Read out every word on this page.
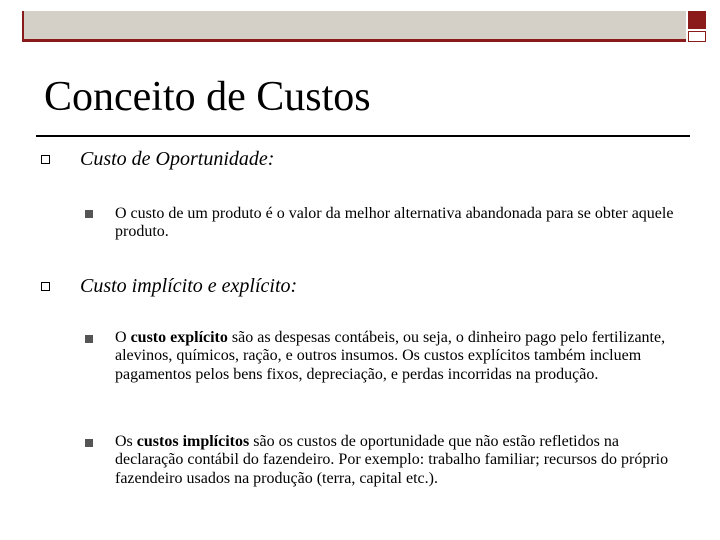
Conceito de Custos
Custo de Oportunidade:
O custo de um produto é o valor da melhor alternativa abandonada para se obter aquele produto.
Custo implícito e explícito:
O custo explícito são as despesas contábeis, ou seja, o dinheiro pago pelo fertilizante, alevinos, químicos, ração, e outros insumos. Os custos explícitos também incluem pagamentos pelos bens fixos, depreciação, e perdas incorridas na produção.
Os custos implícitos são os custos de oportunidade que não estão refletidos na declaração contábil do fazendeiro. Por exemplo: trabalho familiar; recursos do próprio fazendeiro usados na produção (terra, capital etc.).
